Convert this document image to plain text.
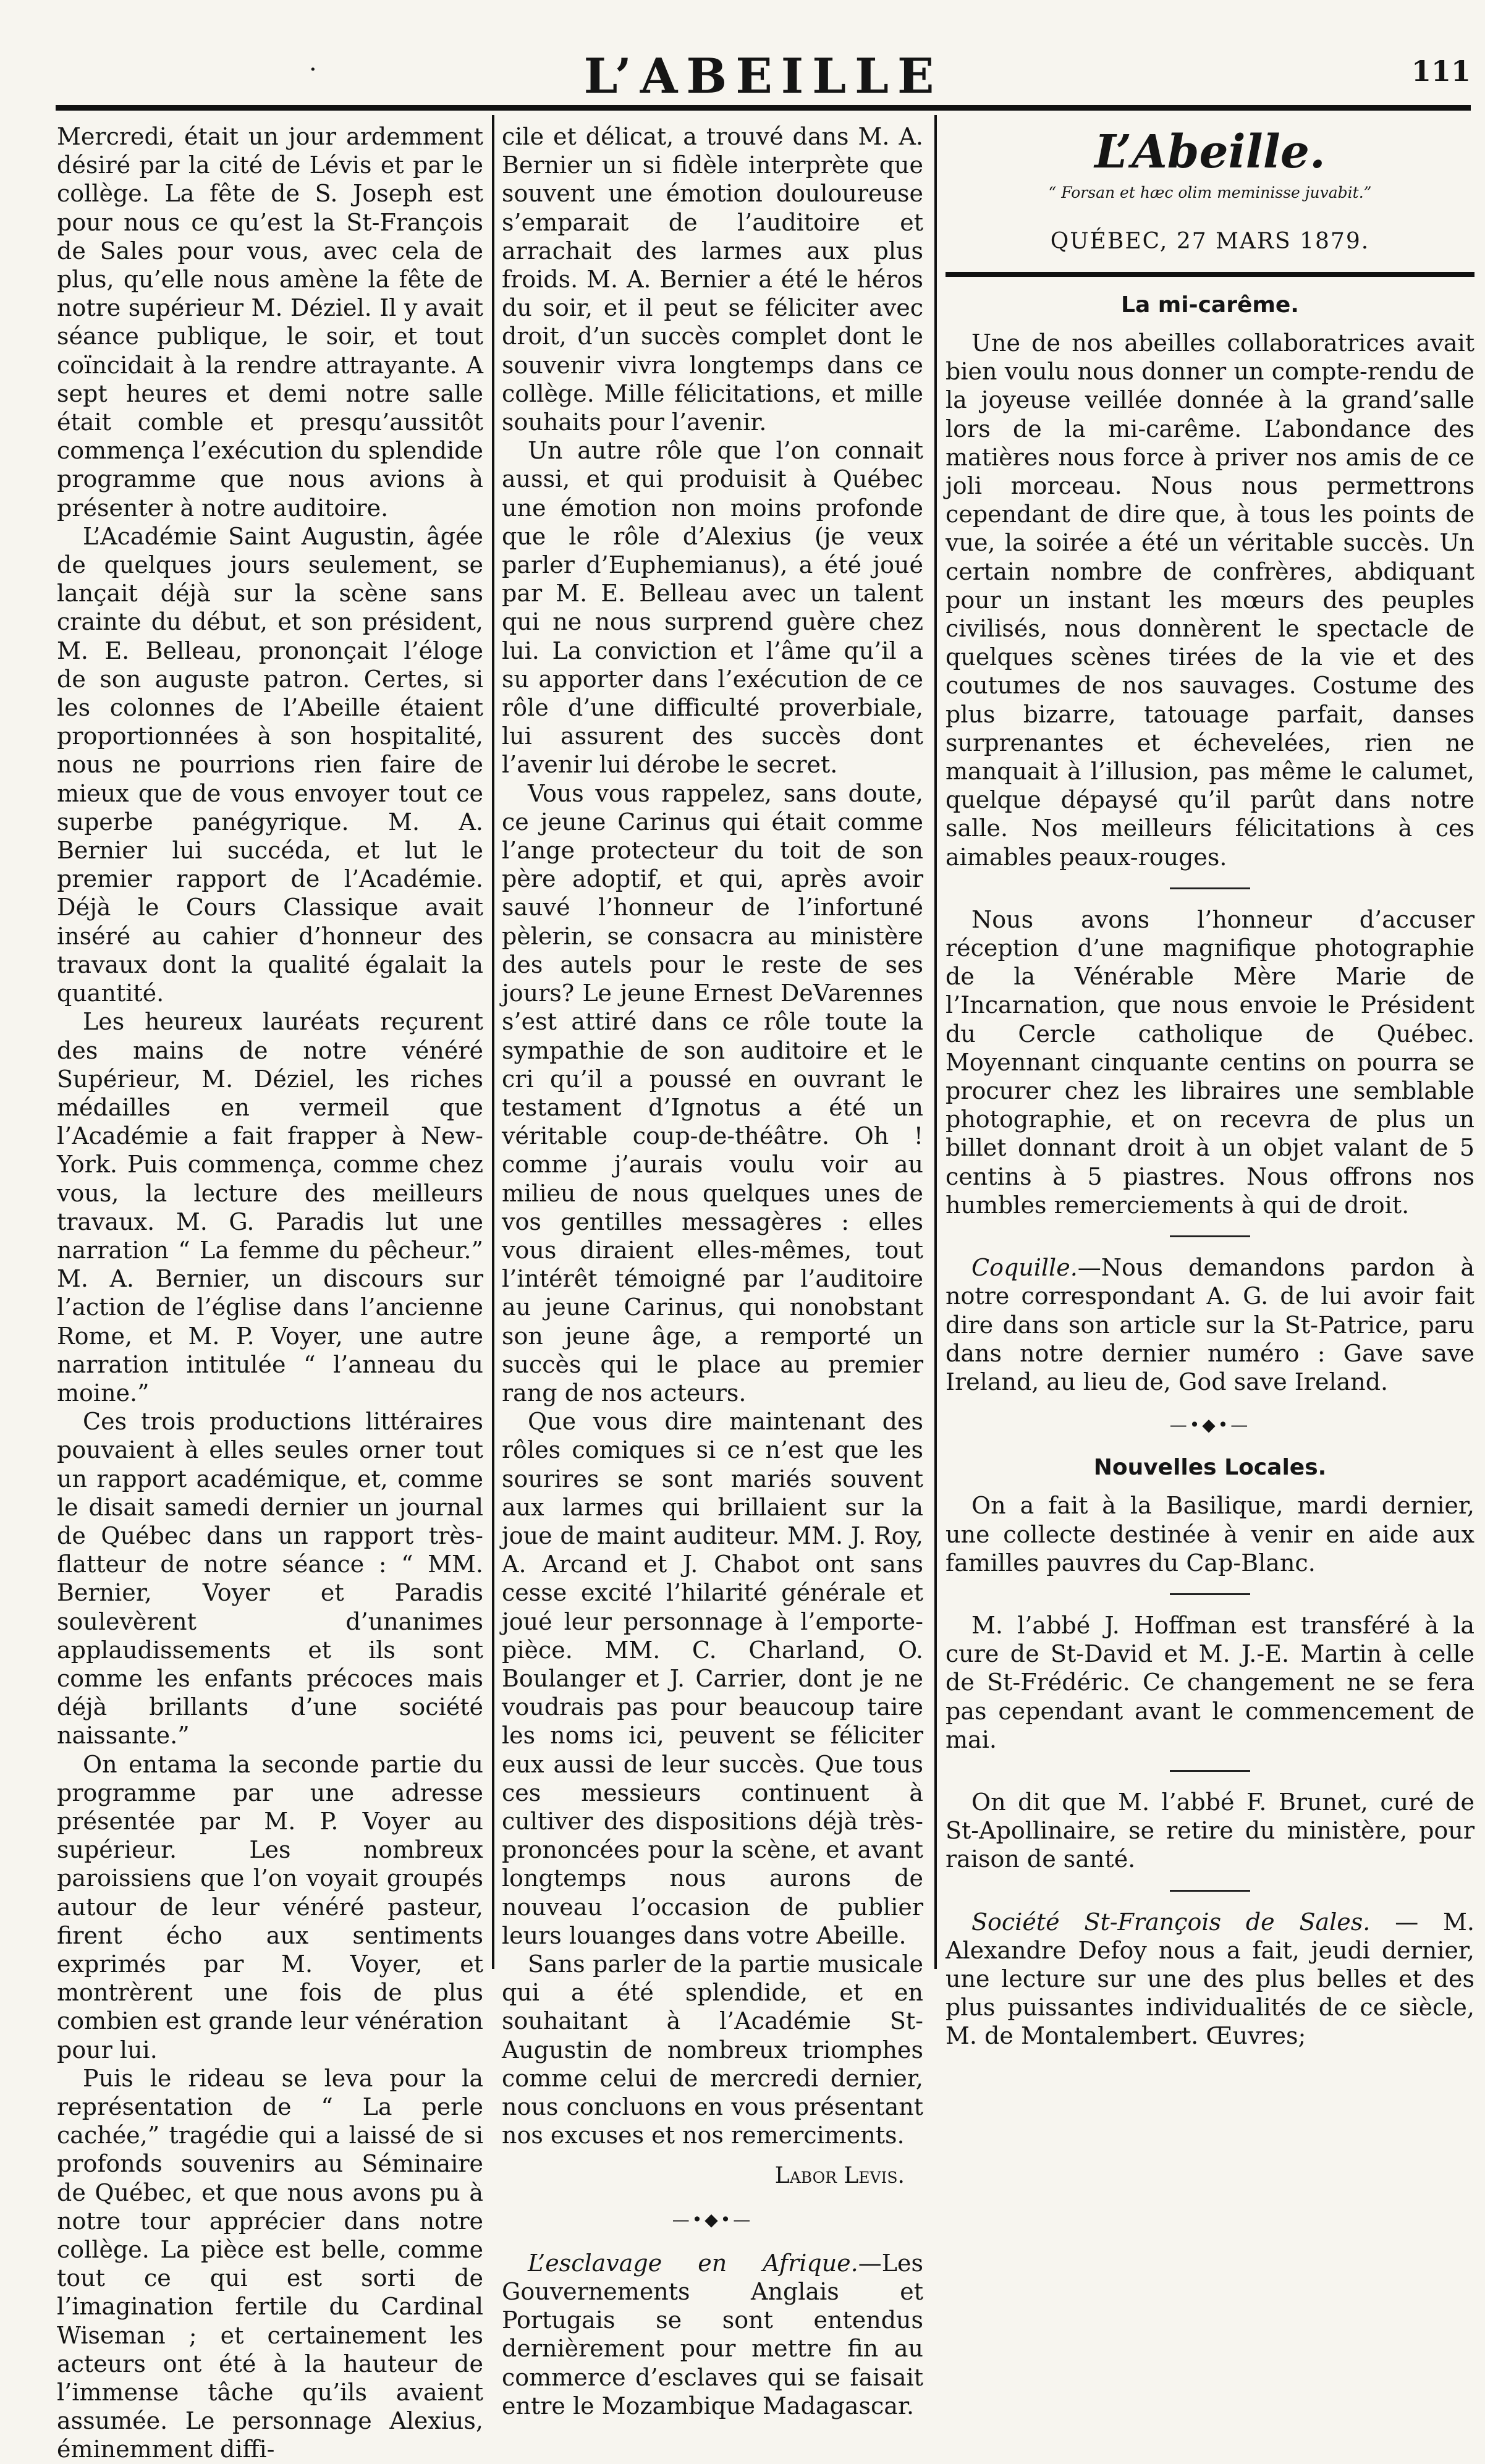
·	L’ABEILLE	111

Mercredi, était un jour ardemment désiré par la cité de Lévis et par le collège. La fête de S. Joseph est pour nous ce qu’est la St-François de Sales pour vous, avec cela de plus, qu’elle nous amène la fête de notre supérieur M. Déziel. Il y avait séance publique, le soir, et tout coïncidait à la rendre attrayante. A sept heures et demi notre salle était comble et presqu’aussitôt commença l’exécution du splendide programme que nous avions à présenter à notre auditoire.

L’Académie Saint Augustin, âgée de quelques jours seulement, se lançait déjà sur la scène sans crainte du début, et son président, M. E. Belleau, prononçait l’éloge de son auguste patron. Certes, si les colonnes de l’Abeille étaient proportionnées à son hospitalité, nous ne pourrions rien faire de mieux que de vous envoyer tout ce superbe panégyrique. M. A. Bernier lui succéda, et lut le premier rapport de l’Académie. Déjà le Cours Classique avait inséré au cahier d’honneur des travaux dont la qualité égalait la quantité.

Les heureux lauréats reçurent des mains de notre vénéré Supérieur, M. Déziel, les riches médailles en vermeil que l’Académie a fait frapper à New-York. Puis commença, comme chez vous, la lecture des meilleurs travaux. M. G. Paradis lut une narration “ La femme du pêcheur.” M. A. Bernier, un discours sur l’action de l’église dans l’ancienne Rome, et M. P. Voyer, une autre narration intitulée “ l’anneau du moine.”

Ces trois productions littéraires pouvaient à elles seules orner tout un rapport académique, et, comme le disait samedi dernier un journal de Québec dans un rapport très-flatteur de notre séance : “ MM. Bernier, Voyer et Paradis soulevèrent d’unanimes applaudissements et ils sont comme les enfants précoces mais déjà brillants d’une société naissante.”

On entama la seconde partie du programme par une adresse présentée par M. P. Voyer au supérieur. Les nombreux paroissiens que l’on voyait groupés autour de leur vénéré pasteur, firent écho aux sentiments exprimés par M. Voyer, et montrèrent une fois de plus combien est grande leur vénération pour lui.

Puis le rideau se leva pour la représentation de “ La perle cachée,” tragédie qui a laissé de si profonds souvenirs au Séminaire de Québec, et que nous avons pu à notre tour apprécier dans notre collège. La pièce est belle, comme tout ce qui est sorti de l’imagination fertile du Cardinal Wiseman ; et certainement les acteurs ont été à la hauteur de l’immense tâche qu’ils avaient assumée. Le personnage Alexius, éminemment diffi-

cile et délicat, a trouvé dans M. A. Bernier un si fidèle interprète que souvent une émotion douloureuse s’emparait de l’auditoire et arrachait des larmes aux plus froids. M. A. Bernier a été le héros du soir, et il peut se féliciter avec droit, d’un succès complet dont le souvenir vivra longtemps dans ce collège. Mille félicitations, et mille souhaits pour l’avenir.

Un autre rôle que l’on connait aussi, et qui produisit à Québec une émotion non moins profonde que le rôle d’Alexius (je veux parler d’Euphemianus), a été joué par M. E. Belleau avec un talent qui ne nous surprend guère chez lui. La conviction et l’âme qu’il a su apporter dans l’exécution de ce rôle d’une difficulté proverbiale, lui assurent des succès dont l’avenir lui dérobe le secret.

Vous vous rappelez, sans doute, ce jeune Carinus qui était comme l’ange protecteur du toit de son père adoptif, et qui, après avoir sauvé l’honneur de l’infortuné pèlerin, se consacra au ministère des autels pour le reste de ses jours? Le jeune Ernest DeVarennes s’est attiré dans ce rôle toute la sympathie de son auditoire et le cri qu’il a poussé en ouvrant le testament d’Ignotus a été un véritable coup-de-théâtre. Oh ! comme j’aurais voulu voir au milieu de nous quelques unes de vos gentilles messagères : elles vous diraient elles-mêmes, tout l’intérêt témoigné par l’auditoire au jeune Carinus, qui nonobstant son jeune âge, a remporté un succès qui le place au premier rang de nos acteurs.

Que vous dire maintenant des rôles comiques si ce n’est que les sourires se sont mariés souvent aux larmes qui brillaient sur la joue de maint auditeur. MM. J. Roy, A. Arcand et J. Chabot ont sans cesse excité l’hilarité générale et joué leur personnage à l’emporte-pièce. MM. C. Charland, O. Boulanger et J. Carrier, dont je ne voudrais pas pour beaucoup taire les noms ici, peuvent se féliciter eux aussi de leur succès. Que tous ces messieurs continuent à cultiver des dispositions déjà très-prononcées pour la scène, et avant longtemps nous aurons de nouveau l’occasion de publier leurs louanges dans votre Abeille.

Sans parler de la partie musicale qui a été splendide, et en souhaitant à l’Académie St-Augustin de nombreux triomphes comme celui de mercredi dernier, nous concluons en vous présentant nos excuses et nos remerciments.

Labor Levis.
—•◆•—

L’esclavage en Afrique.—Les Gouvernements Anglais et Portugais se sont entendus dernièrement pour mettre fin au commerce d’esclaves qui se faisait entre le Mozambique Madagascar.

L’Abeille.
“ Forsan et hæc olim meminisse juvabit.”
QUÉBEC, 27 MARS 1879.
La mi-carême.

Une de nos abeilles collaboratrices avait bien voulu nous donner un compte-rendu de la joyeuse veillée donnée à la grand’salle lors de la mi-carême. L’abondance des matières nous force à priver nos amis de ce joli morceau. Nous nous permettrons cependant de dire que, à tous les points de vue, la soirée a été un véritable succès. Un certain nombre de confrères, abdiquant pour un instant les mœurs des peuples civilisés, nous donnèrent le spectacle de quelques scènes tirées de la vie et des coutumes de nos sauvages. Costume des plus bizarre, tatouage parfait, danses surprenantes et échevelées, rien ne manquait à l’illusion, pas même le calumet, quelque dépaysé qu’il parût dans notre salle. Nos meilleurs félicitations à ces aimables peaux-rouges.

Nous avons l’honneur d’accuser réception d’une magnifique photographie de la Vénérable Mère Marie de l’Incarnation, que nous envoie le Président du Cercle catholique de Québec. Moyennant cinquante centins on pourra se procurer chez les libraires une semblable photographie, et on recevra de plus un billet donnant droit à un objet valant de 5 centins à 5 piastres. Nous offrons nos humbles remerciements à qui de droit.

Coquille.—Nous demandons pardon à notre correspondant A. G. de lui avoir fait dire dans son article sur la St-Patrice, paru dans notre dernier numéro : Gave save Ireland, au lieu de, God save Ireland.

—•◆•—
Nouvelles Locales.

On a fait à la Basilique, mardi dernier, une collecte destinée à venir en aide aux familles pauvres du Cap-Blanc.

M. l’abbé J. Hoffman est transféré à la cure de St-David et M. J.-E. Martin à celle de St-Frédéric. Ce changement ne se fera pas cependant avant le commencement de mai.

On dit que M. l’abbé F. Brunet, curé de St-Apollinaire, se retire du ministère, pour raison de santé.

Société St-François de Sales. — M. Alexandre Defoy nous a fait, jeudi dernier, une lecture sur une des plus belles et des plus puissantes individualités de ce siècle, M. de Montalembert. Œuvres;
